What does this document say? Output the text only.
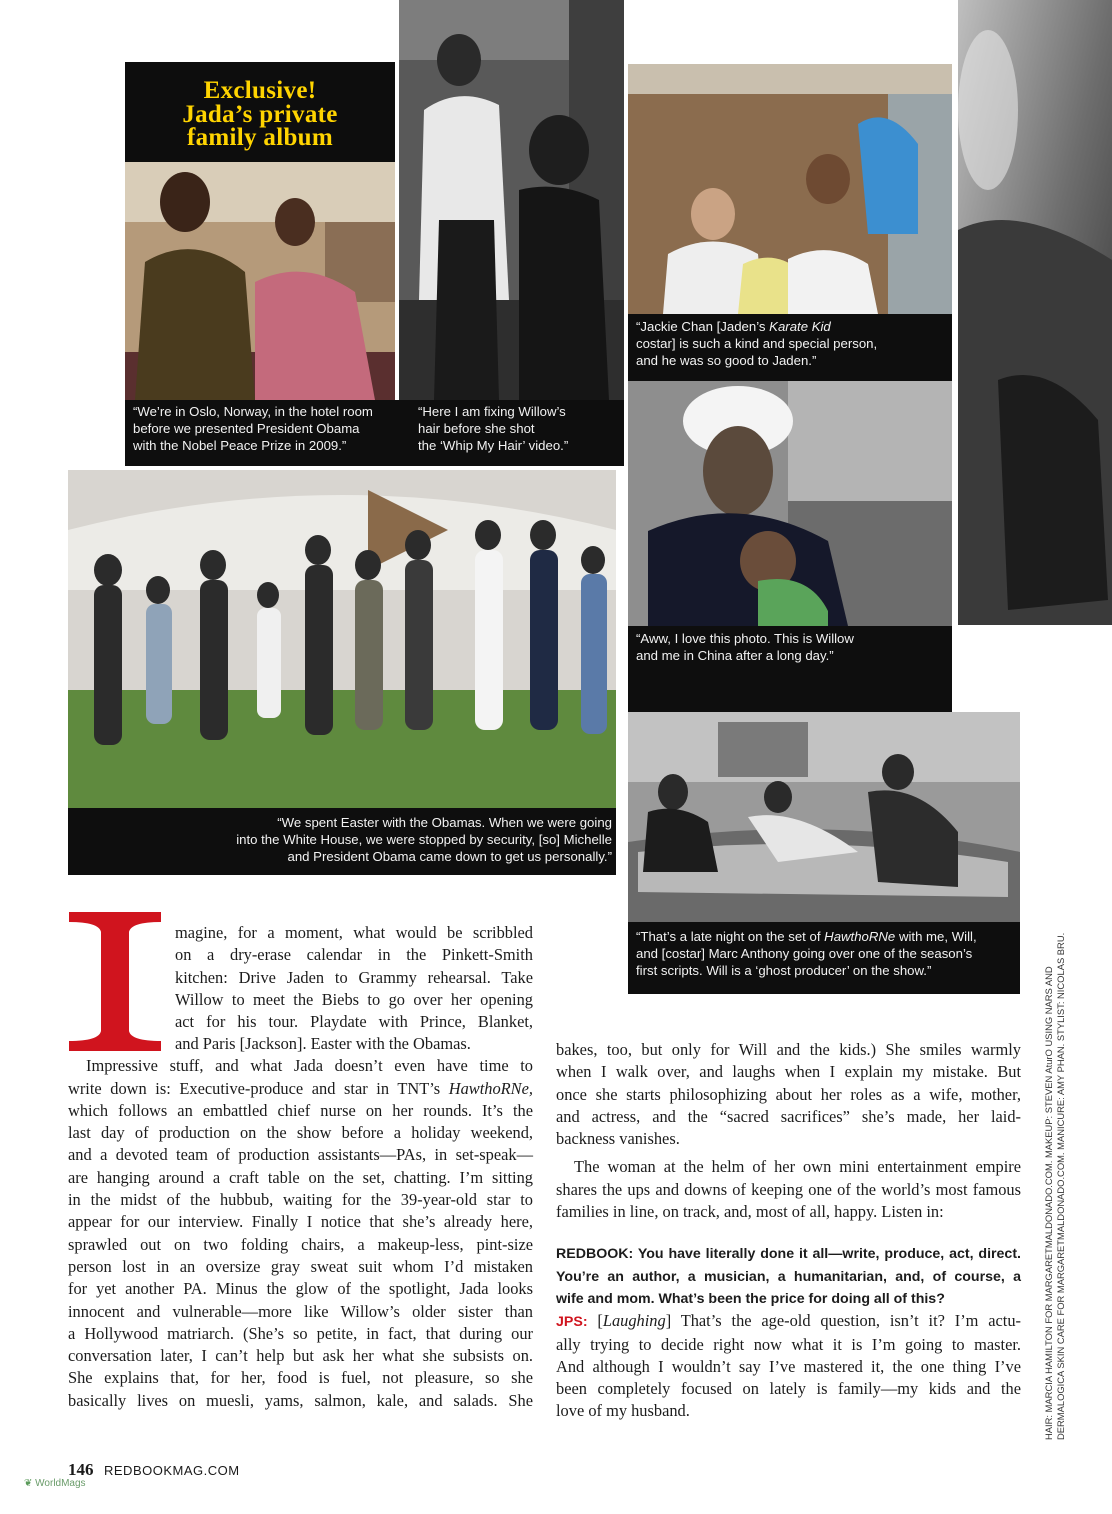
Exclusive!
Jada’s private
family album
“We’re in Oslo, Norway, in the hotel room
before we presented President Obama
with the Nobel Peace Prize in 2009.”
“Here I am fixing Willow’s
hair before she shot
the ‘Whip My Hair’ video.”
“Jackie Chan [Jaden’s Karate Kid
costar] is such a kind and special person,
and he was so good to Jaden.”
“Aww, I love this photo. This is Willow
and me in China after a long day.”
“We spent Easter with the Obamas. When we were going
into the White House, we were stopped by security, [so] Michelle
and President Obama came down to get us personally.”
“That’s a late night on the set of HawthoRNe with me, Will,
and [costar] Marc Anthony going over one of the season’s
first scripts. Will is a ‘ghost producer’ on the show.”
magine, for a moment, what would be scribbled
on a dry-erase calendar in the Pinkett-Smith
kitchen: Drive Jaden to Grammy rehearsal. Take
Willow to meet the Biebs to go over her opening
act for his tour. Playdate with Prince, Blanket,
and Paris [Jackson]. Easter with the Obamas.
Impressive stuff, and what Jada doesn’t even have time to
write down is: Executive-produce and star in TNT’s HawthoRNe,
which follows an embattled chief nurse on her rounds. It’s the
last day of production on the show before a holiday weekend,
and a devoted team of production assistants—PAs, in set-speak—
are hanging around a craft table on the set, chatting. I’m sitting
in the midst of the hubbub, waiting for the 39-year-old star to
appear for our interview. Finally I notice that she’s already here,
sprawled out on two folding chairs, a makeup-less, pint-size
person lost in an oversize gray sweat suit whom I’d mistaken
for yet another PA. Minus the glow of the spotlight, Jada looks
innocent and vulnerable—more like Willow’s older sister than
a Hollywood matriarch. (She’s so petite, in fact, that during our
conversation later, I can’t help but ask her what she subsists on.
She explains that, for her, food is fuel, not pleasure, so she
basically lives on muesli, yams, salmon, kale, and salads. She
bakes, too, but only for Will and the kids.) She smiles warmly
when I walk over, and laughs when I explain my mistake. But
once she starts philosophizing about her roles as a wife, mother,
and actress, and the “sacred sacrifices” she’s made, her laid-
backness vanishes.
The woman at the helm of her own mini entertainment empire
shares the ups and downs of keeping one of the world’s most famous
families in line, on track, and, most of all, happy. Listen in:
REDBOOK: You have literally done it all—write, produce, act, direct.
You’re an author, a musician, a humanitarian, and, of course, a
wife and mom. What’s been the price for doing all of this?
JPS: [Laughing] That’s the age-old question, isn’t it? I’m actu-
ally trying to decide right now what it is I’m going to master.
And although I wouldn’t say I’ve mastered it, the one thing I’ve
been completely focused on lately is family—my kids and the
love of my husband.	HAIR: MARCIA HAMILTON FOR MARGARETMALDONADO.COM. MAKEUP: STEVEN AturO USING NARS AND DERMALOGICA SKIN CARE FOR MARGARETMALDONADO.COM. MANICURE: AMY PHAN. STYLIST: NICOLAS BRU.
146 REDBOOKMAG.COM
❦ WorldMags
